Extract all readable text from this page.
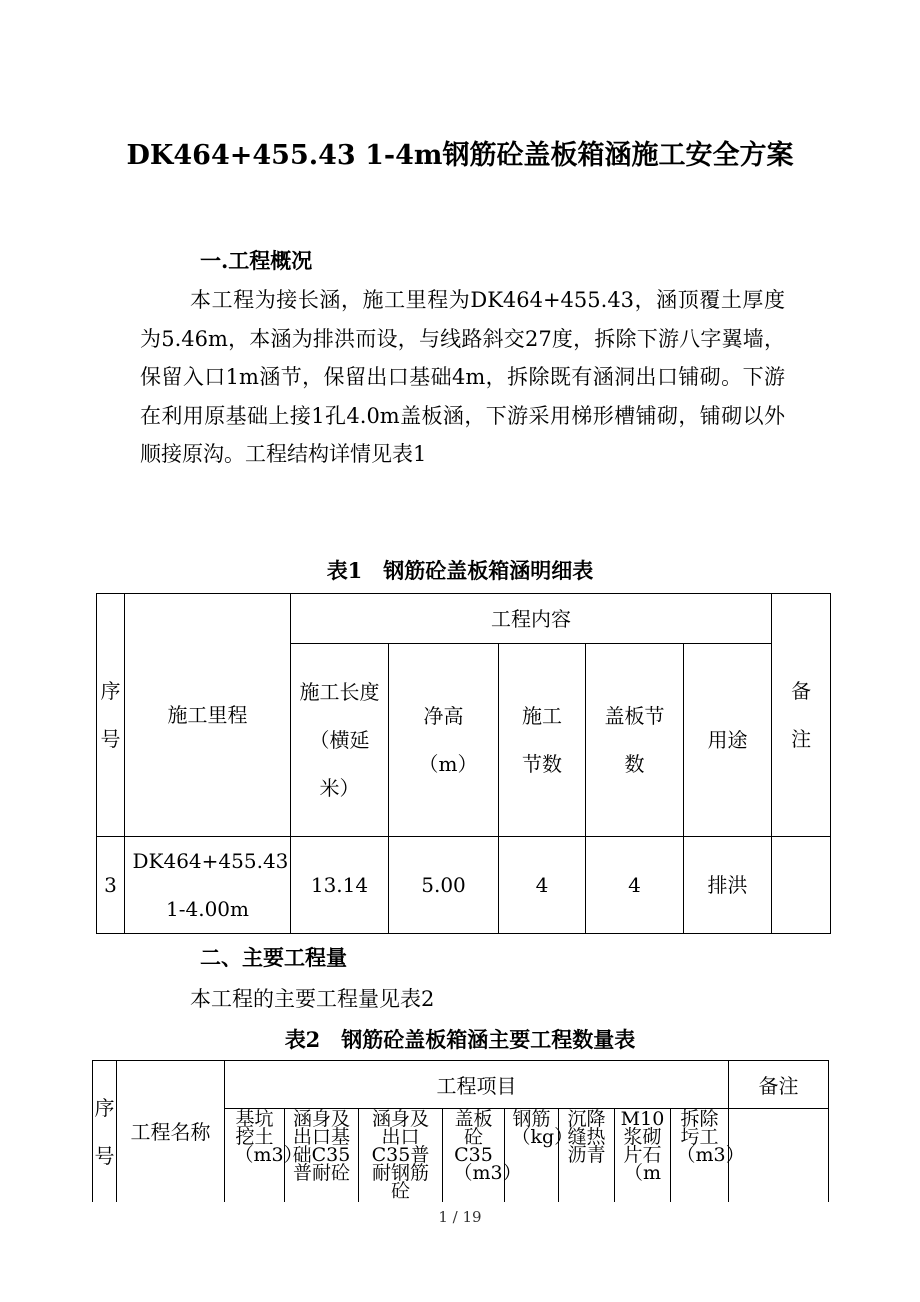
DK464+455.43 1-4m钢筋砼盖板箱涵施工安全方案
一.工程概况

本工程为接长涵，施工里程为DK464+455.43，涵顶覆土厚度为5.46m，本涵为排洪而设，与线路斜交27度，拆除下游八字翼墙，保留入口1m涵节，保留出口基础4m，拆除既有涵洞出口铺砌。下游在利用原基础上接1孔4.0m盖板涵，下游采用梯形槽铺砌，铺砌以外顺接原沟。工程结构详情见表1

表1　钢筋砼盖板箱涵明细表
序号	施工里程	工程内容					备注

		施工长度（横延米）	净高（m）	施工节数	盖板节数	用途	
3	DK464+455.43 1-4.00m	13.14	5.00	4	4	排洪	
二、主要工程量
本工程的主要工程量见表2
表2　钢筋砼盖板箱涵主要工程数量表
序号	工程名称	工程项目								备注

		基坑挖土（m3）	涵身及出口基础C35普耐砼	涵身及出口C35普耐钢筋砼	盖板砼C35（m3）	钢筋（kg）	沉降缝热沥青	M10浆砌片石（m	拆除圬工（m3）	

1 / 19
